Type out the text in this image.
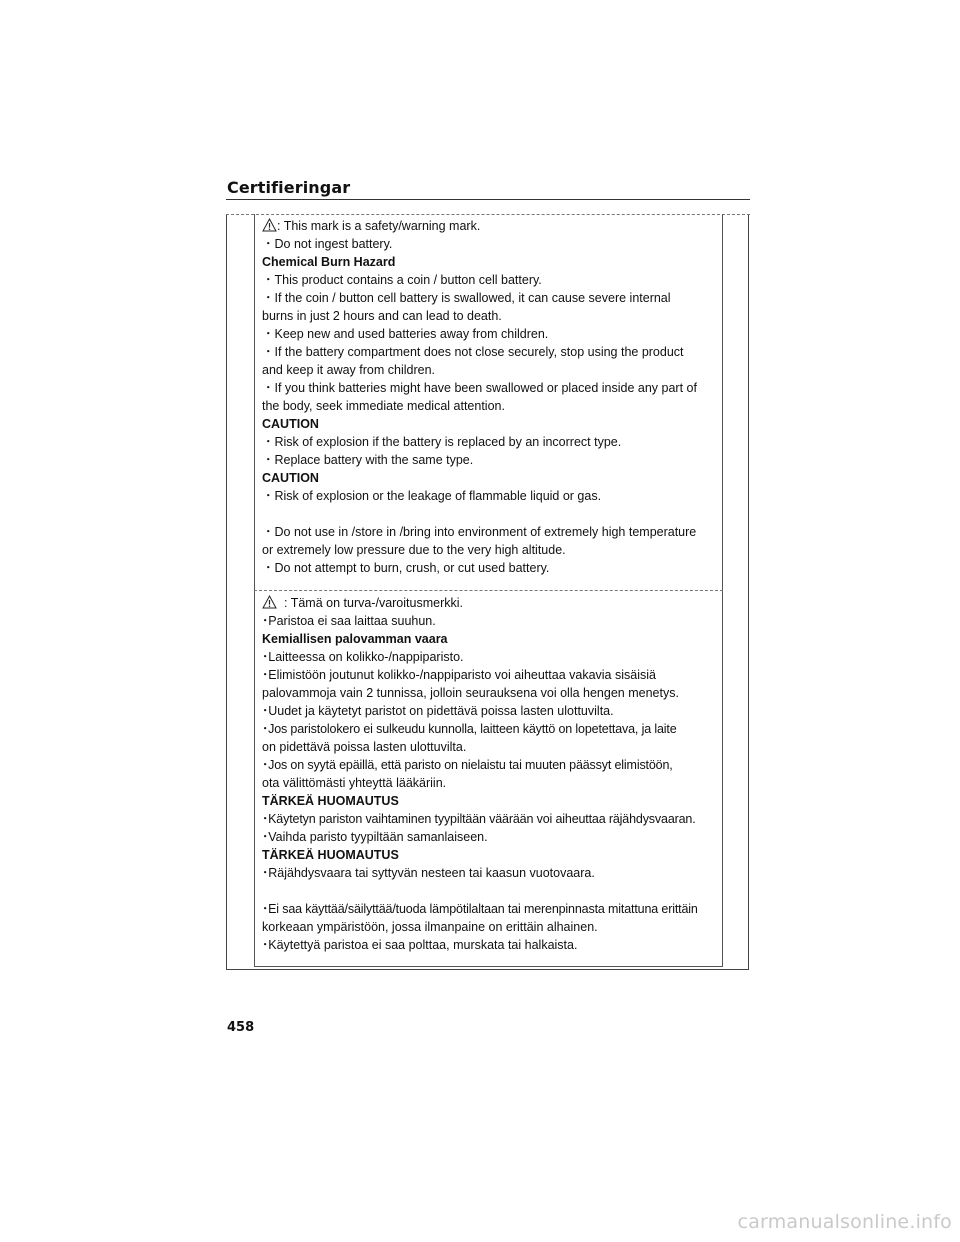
Certifieringar
: This mark is a safety/warning mark.
・Do not ingest battery.
Chemical Burn Hazard
・This product contains a coin / button cell battery.
・If the coin / button cell battery is swallowed, it can cause severe internal
burns in just 2 hours and can lead to death.
・Keep new and used batteries away from children.
・If the battery compartment does not close securely, stop using the product
and keep it away from children.
・If you think batteries might have been swallowed or placed inside any part of
the body, seek immediate medical attention.
CAUTION
・Risk of explosion if the battery is replaced by an incorrect type.
・Replace battery with the same type.
CAUTION
・Risk of explosion or the leakage of flammable liquid or gas.
・Do not use in /store in /bring into environment of extremely high temperature
or extremely low pressure due to the very high altitude.
・Do not attempt to burn, crush, or cut used battery.
: Tämä on turva-/varoitusmerkki.
･Paristoa ei saa laittaa suuhun.
Kemiallisen palovamman vaara
･Laitteessa on kolikko-/nappiparisto.
･Elimistöön joutunut kolikko-/nappiparisto voi aiheuttaa vakavia sisäisiä
palovammoja vain 2 tunnissa, jolloin seurauksena voi olla hengen menetys.
･Uudet ja käytetyt paristot on pidettävä poissa lasten ulottuvilta.
･Jos paristolokero ei sulkeudu kunnolla, laitteen käyttö on lopetettava, ja laite
on pidettävä poissa lasten ulottuvilta.
･Jos on syytä epäillä, että paristo on nielaistu tai muuten päässyt elimistöön,
ota välittömästi yhteyttä lääkäriin.
TÄRKEÄ HUOMAUTUS
･Käytetyn pariston vaihtaminen tyypiltään väärään voi aiheuttaa räjähdysvaaran.
･Vaihda paristo tyypiltään samanlaiseen.
TÄRKEÄ HUOMAUTUS
･Räjähdysvaara tai syttyvän nesteen tai kaasun vuotovaara.
･Ei saa käyttää/säilyttää/tuoda lämpötilaltaan tai merenpinnasta mitattuna erittäin
korkeaan ympäristöön, jossa ilmanpaine on erittäin alhainen.
･Käytettyä paristoa ei saa polttaa, murskata tai halkaista.
458
carmanualsonline.info
